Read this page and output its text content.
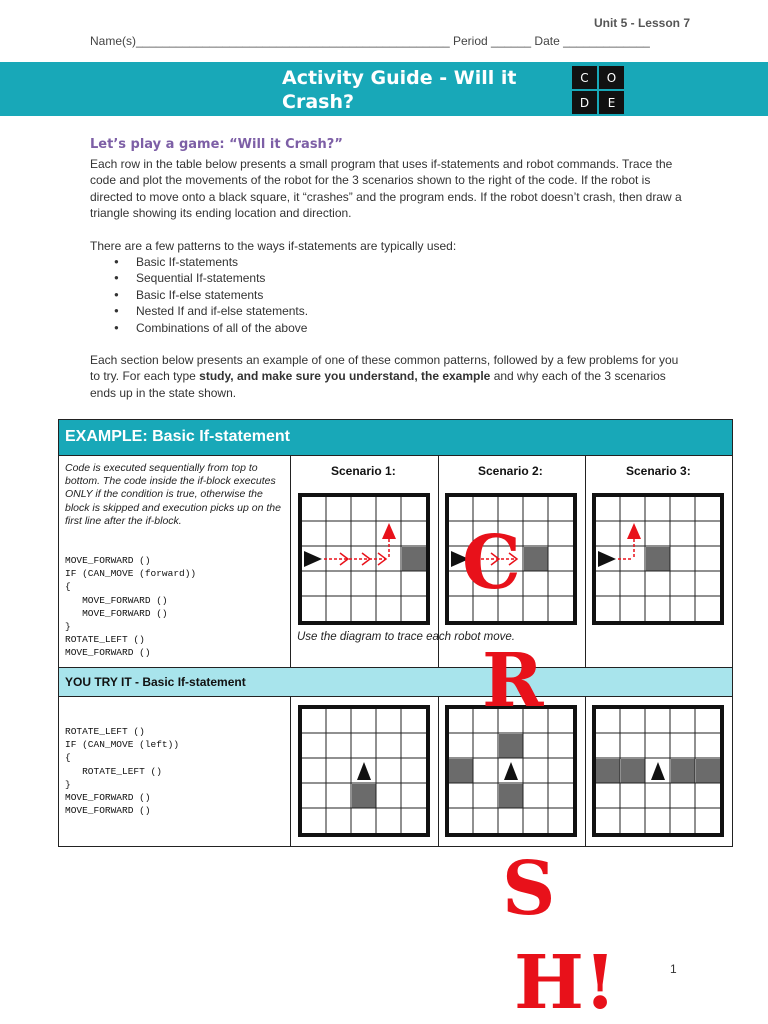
Unit 5 - Lesson 7
Name(s)_______________________________________________ Period ______ Date _____________
Activity Guide - Will it Crash?
C	O
D	E
Let’s play a game: “Will it Crash?”
Each row in the table below presents a small program that uses if-statements and robot commands. Trace the code and plot the movements of the robot for the 3 scenarios shown to the right of the code. If the robot is directed to move onto a black square, it “crashes” and the program ends. If the robot doesn’t crash, then draw a triangle showing its ending location and direction.
There are a few patterns to the ways if-statements are typically used:
● Basic If-statements
● Sequential If-statements
● Basic If-else statements
● Nested If and if-else statements.
● Combinations of all of the above
Each section below presents an example of one of these common patterns, followed by a few problems for you to try. For each type study, and make sure you understand, the example and why each of the 3 scenarios ends up in the state shown.
EXAMPLE: Basic If-statement
Code is executed sequentially from top to bottom. The code inside the if-block executes ONLY if the condition is true, otherwise the block is skipped and execution picks up on the first line after the if-block.
MOVE_FORWARD ()
IF (CAN_MOVE (forward))
{
MOVE_FORWARD ()
MOVE_FORWARD ()
}
ROTATE_LEFT ()
MOVE_FORWARD ()
Scenario 1:	Scenario 2:	Scenario 3:
Use the diagram to trace each robot move.
YOU TRY IT - Basic If-statement
ROTATE_LEFT ()
IF (CAN_MOVE (left))
{
ROTATE_LEFT ()
}
MOVE_FORWARD ()
MOVE_FORWARD ()
C
R
S
H!	1
